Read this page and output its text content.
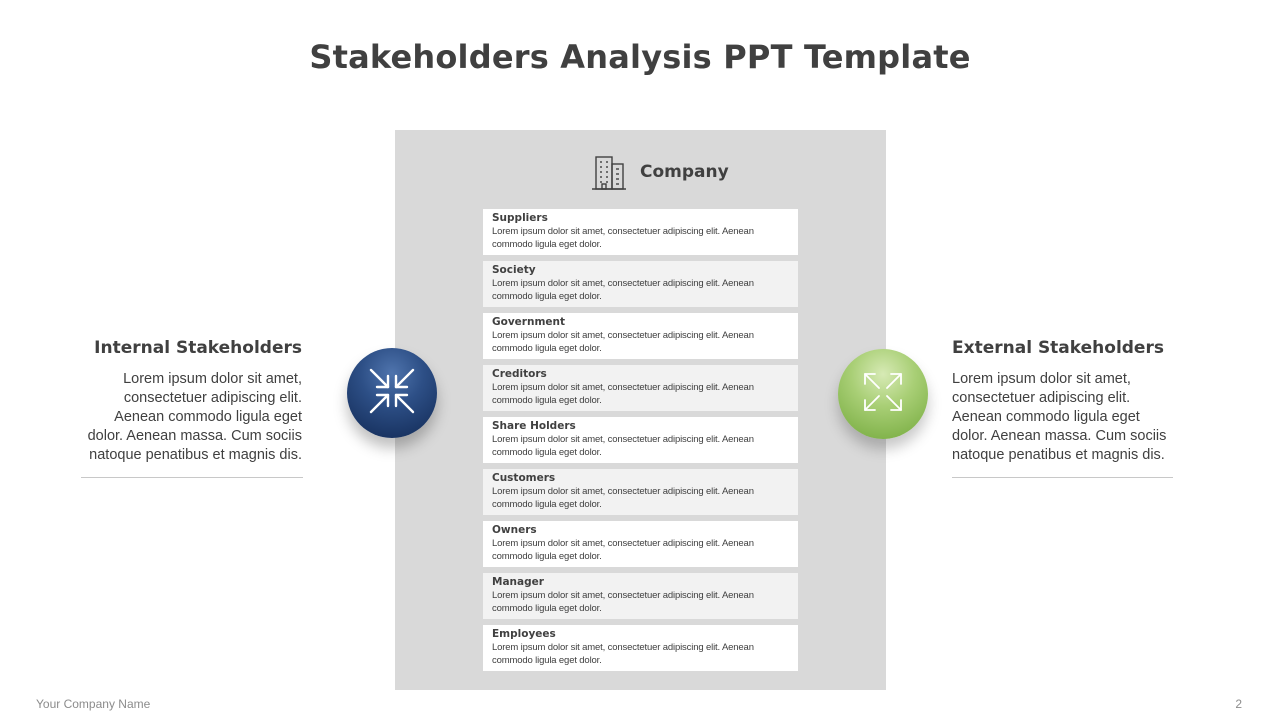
Stakeholders Analysis PPT Template
Company
Suppliers
Lorem ipsum dolor sit amet, consectetuer adipiscing elit. Aenean commodo ligula eget dolor.
Society
Lorem ipsum dolor sit amet, consectetuer adipiscing elit. Aenean commodo ligula eget dolor.
Government
Lorem ipsum dolor sit amet, consectetuer adipiscing elit. Aenean commodo ligula eget dolor.
Creditors
Lorem ipsum dolor sit amet, consectetuer adipiscing elit. Aenean commodo ligula eget dolor.
Share Holders
Lorem ipsum dolor sit amet, consectetuer adipiscing elit. Aenean commodo ligula eget dolor.
Customers
Lorem ipsum dolor sit amet, consectetuer adipiscing elit. Aenean commodo ligula eget dolor.
Owners
Lorem ipsum dolor sit amet, consectetuer adipiscing elit. Aenean commodo ligula eget dolor.
Manager
Lorem ipsum dolor sit amet, consectetuer adipiscing elit. Aenean commodo ligula eget dolor.
Employees
Lorem ipsum dolor sit amet, consectetuer adipiscing elit. Aenean commodo ligula eget dolor.
Internal Stakeholders
Lorem ipsum dolor sit amet,
consectetuer adipiscing elit.
Aenean commodo ligula eget
dolor. Aenean massa. Cum sociis
natoque penatibus et magnis dis.
External Stakeholders
Lorem ipsum dolor sit amet,
consectetuer adipiscing elit.
Aenean commodo ligula eget
dolor. Aenean massa. Cum sociis
natoque penatibus et magnis dis.
Your Company Name	2
